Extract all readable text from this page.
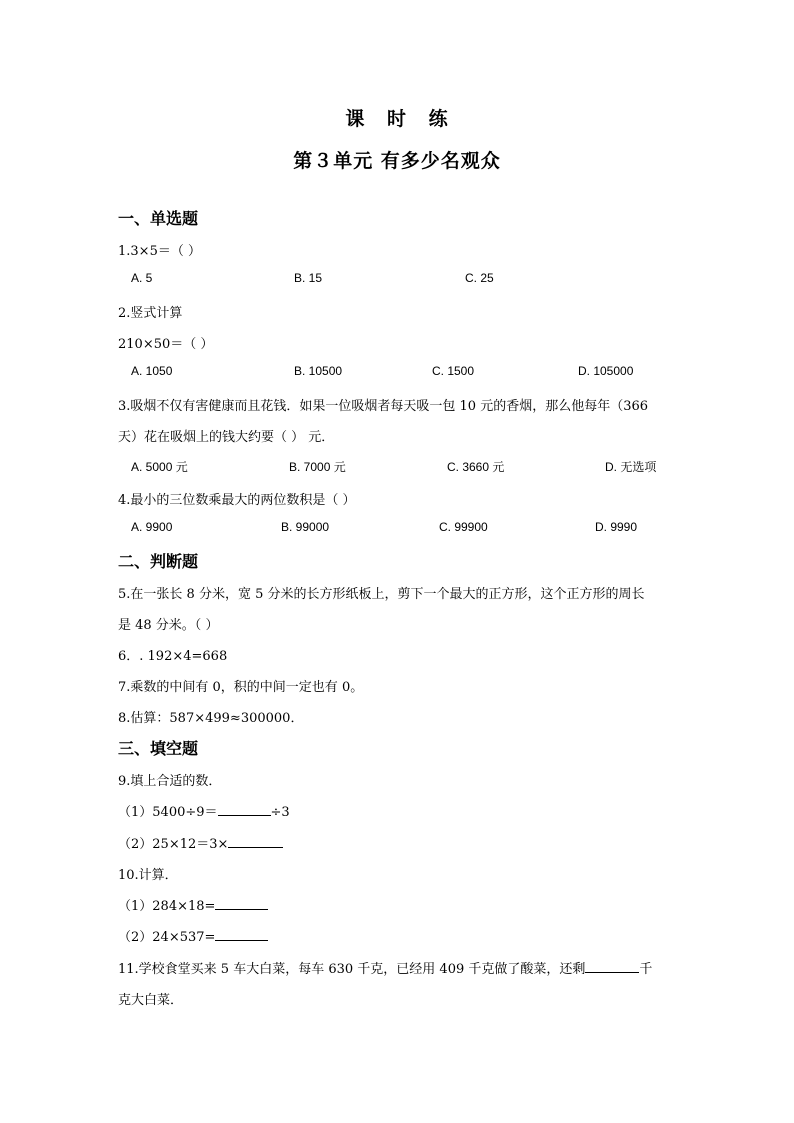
课 时 练
第３单元 有多少名观众
一、单选题
1.3×5＝（ ）
A. 5	B. 15	C. 25
2.竖式计算
210×50＝（ ）
A. 1050	B. 10500	C. 1500	D. 105000
3.吸烟不仅有害健康而且花钱．如果一位吸烟者每天吸一包 10 元的香烟，那么他每年（366
天）花在吸烟上的钱大约要（ ） 元．
A. 5000 元	B. 7000 元	C. 3660 元	D. 无选项
4.最小的三位数乘最大的两位数积是（ ）
A. 9900	B. 99000	C. 99900	D. 9990
二、判断题
5.在一张长 8 分米，宽 5 分米的长方形纸板上，剪下一个最大的正方形，这个正方形的周长
是 48 分米。（ ）
6．. 192×4=668
7.乘数的中间有 0，积的中间一定也有 0。
8.估算：587×499≈300000．
三、填空题
9.填上合适的数．
（1）5400÷9＝	÷3
（2）25×12＝3×
10.计算．
（1）284×18=
（2）24×537=
11.学校食堂买来 5 车大白菜，每车 630 千克，已经用 409 千克做了酸菜，还剩	千
克大白菜．
